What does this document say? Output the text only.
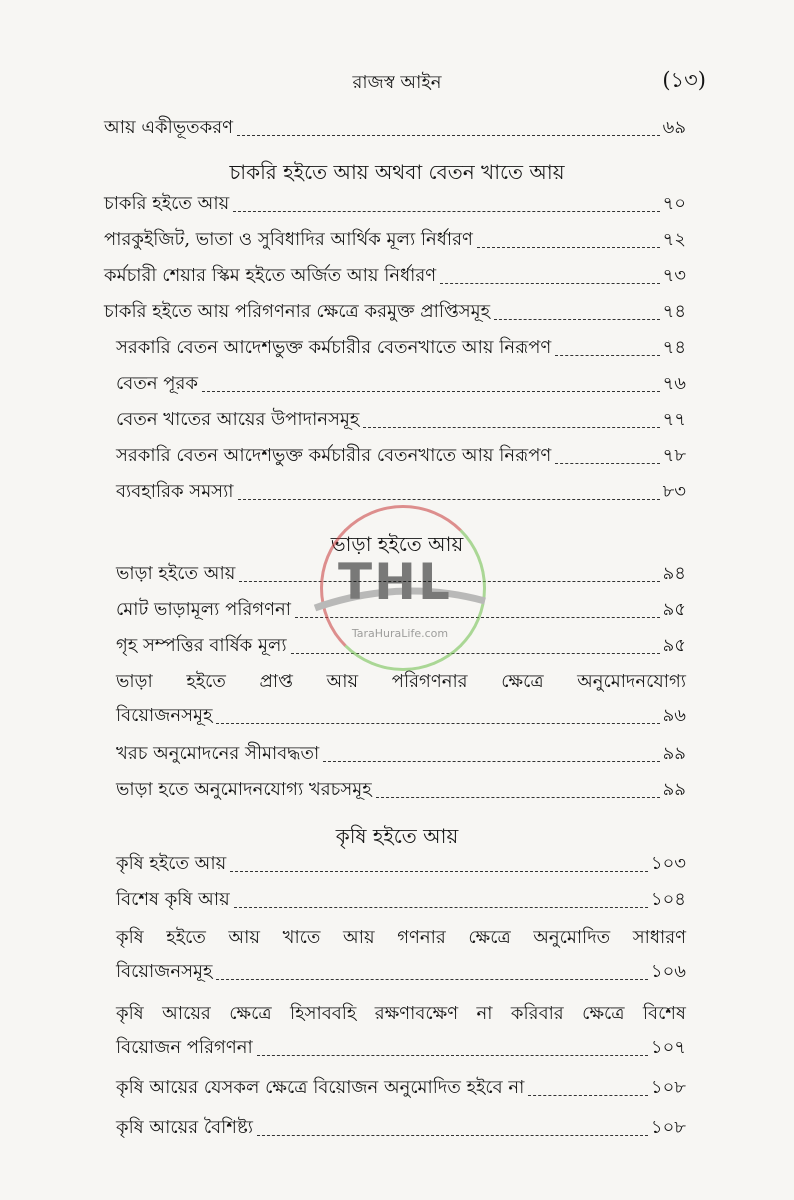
রাজস্ব আইন	(১৩)
আয় একীভূতকরণ	৬৯
চাকরি হইতে আয় অথবা বেতন খাতে আয়
চাকরি হইতে আয়	৭০
পারকুইজিট, ভাতা ও সুবিধাদির আর্থিক মূল্য নির্ধারণ	৭২
কর্মচারী শেয়ার স্কিম হইতে অর্জিত আয় নির্ধারণ	৭৩
চাকরি হইতে আয় পরিগণনার ক্ষেত্রে করমুক্ত প্রাপ্তিসমূহ	৭৪
সরকারি বেতন আদেশভুক্ত কর্মচারীর বেতনখাতে আয় নিরূপণ	৭৪
বেতন পূরক	৭৬
বেতন খাতের আয়ের উপাদানসমূহ	৭৭
সরকারি বেতন আদেশভুক্ত কর্মচারীর বেতনখাতে আয় নিরূপণ	৭৮
ব্যবহারিক সমস্যা	৮৩
ভাড়া হইতে আয়
ভাড়া হইতে আয়	৯৪
মোট ভাড়ামূল্য পরিগণনা	৯৫
গৃহ সম্পত্তির বার্ষিক মূল্য	৯৫
ভাড়া হইতে প্রাপ্ত আয় পরিগণনার ক্ষেত্রে অনুমোদনযোগ্য
বিয়োজনসমূহ	৯৬
খরচ অনুমোদনের সীমাবদ্ধতা	৯৯
ভাড়া হতে অনুমোদনযোগ্য খরচসমূহ	৯৯
কৃষি হইতে আয়
কৃষি হইতে আয়	১০৩
বিশেষ কৃষি আয়	১০৪
কৃষি হইতে আয় খাতে আয় গণনার ক্ষেত্রে অনুমোদিত সাধারণ
বিয়োজনসমূহ	১০৬
কৃষি আয়ের ক্ষেত্রে হিসাববহি রক্ষণাবক্ষেণ না করিবার ক্ষেত্রে বিশেষ
বিয়োজন পরিগণনা	১০৭
কৃষি আয়ের যেসকল ক্ষেত্রে বিয়োজন অনুমোদিত হইবে না	১০৮
কৃষি আয়ের বৈশিষ্ট্য	১০৮
THL
TaraHuraLife.com
